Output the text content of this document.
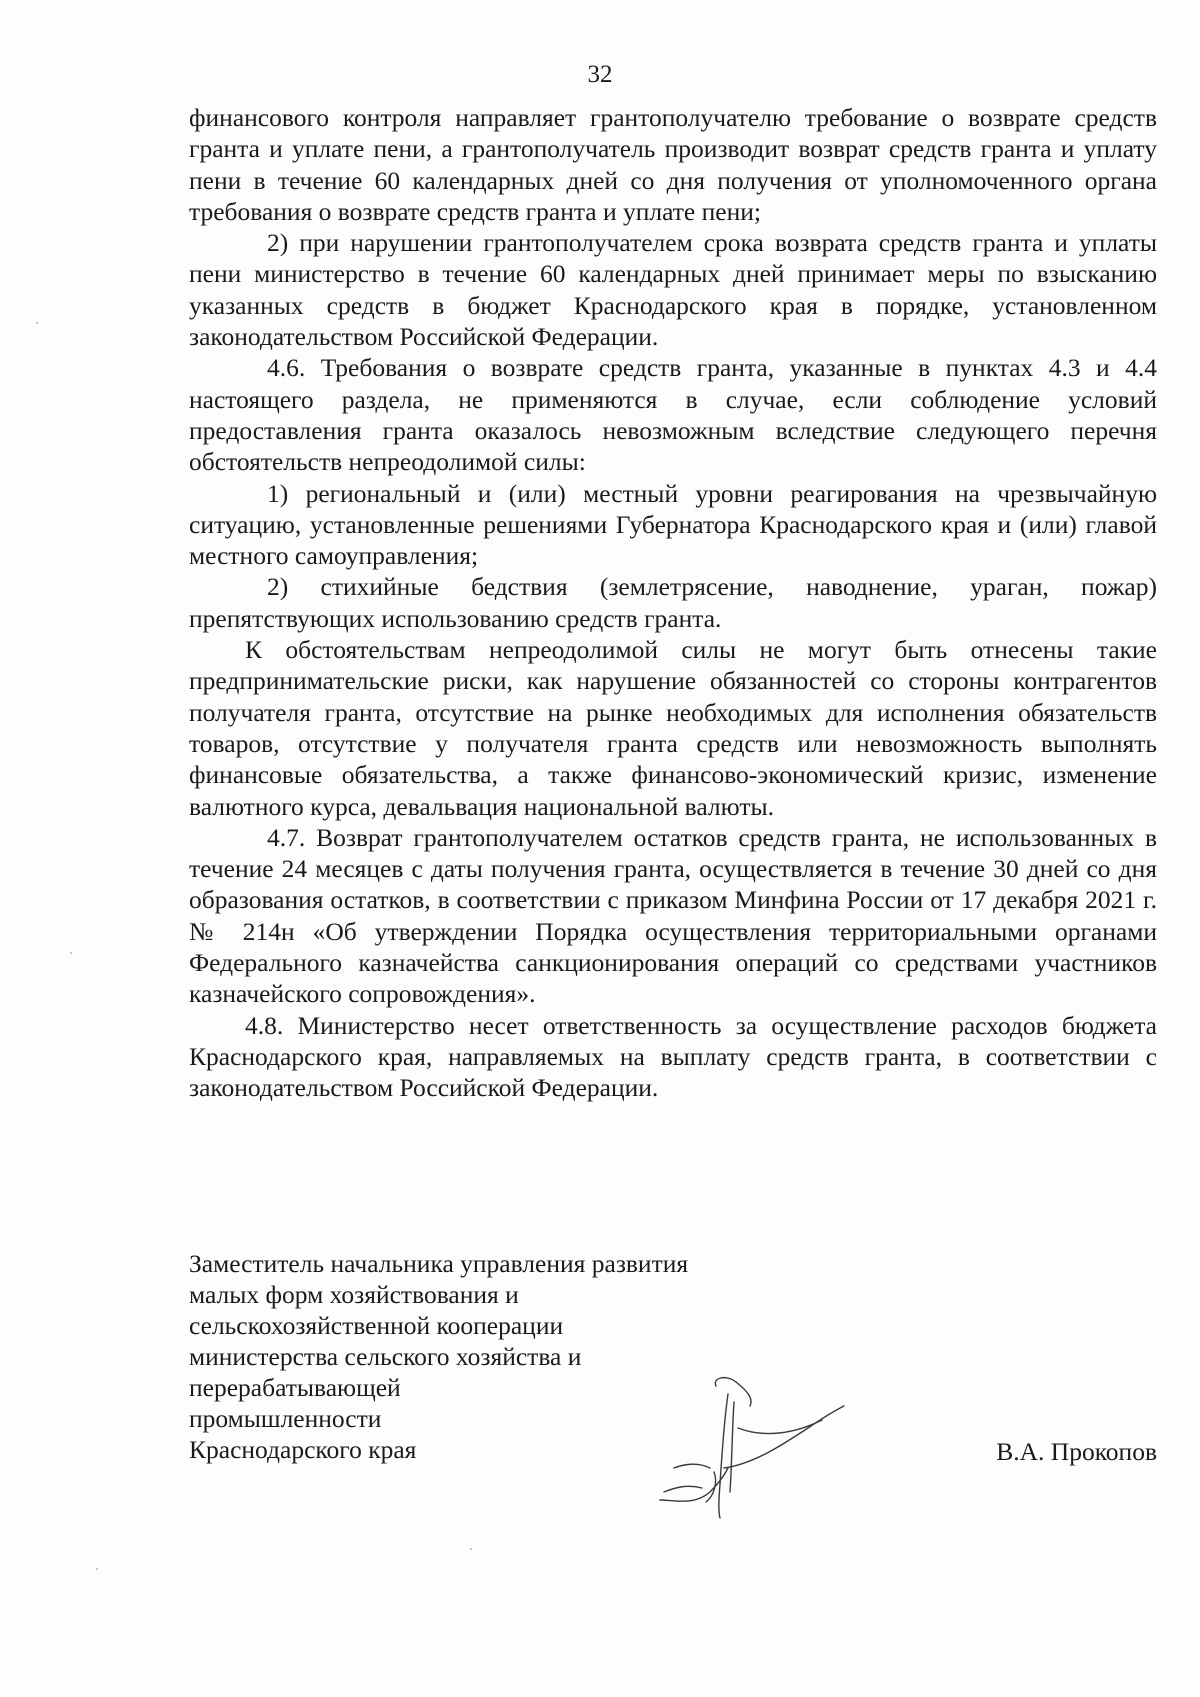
32

финансового контроля направляет грантополучателю требование о возврате средств гранта и уплате пени, а грантополучатель производит возврат средств гранта и уплату пени в течение 60 календарных дней со дня получения от уполномоченного органа требования о возврате средств гранта и уплате пени;

2) при нарушении грантополучателем срока возврата средств гранта и уплаты пени министерство в течение 60 календарных дней принимает меры по взысканию указанных средств в бюджет Краснодарского края в порядке, установленном законодательством Российской Федерации.

4.6. Требования о возврате средств гранта, указанные в пунктах 4.3 и 4.4 настоящего раздела, не применяются в случае, если соблюдение условий предоставления гранта оказалось невозможным вследствие следующего перечня обстоятельств непреодолимой силы:

1) региональный и (или) местный уровни реагирования на чрезвычайную ситуацию, установленные решениями Губернатора Краснодарского края и (или) главой местного самоуправления;

2) стихийные бедствия (землетрясение, наводнение, ураган, пожар) препятствующих использованию средств гранта.

К обстоятельствам непреодолимой силы не могут быть отнесены такие предпринимательские риски, как нарушение обязанностей со стороны контрагентов получателя гранта, отсутствие на рынке необходимых для исполнения обязательств товаров, отсутствие у получателя гранта средств или невозможность выполнять финансовые обязательства, а также финансово-экономический кризис, изменение валютного курса, девальвация национальной валюты.

4.7. Возврат грантополучателем остатков средств гранта, не использованных в течение 24 месяцев с даты получения гранта, осуществляется в течение 30 дней со дня образования остатков, в соответствии с приказом Минфина России от 17 декабря 2021 г. № 214н «Об утверждении Порядка осуществления территориальными органами Федерального казначейства санкционирования операций со средствами участников казначейского сопровождения».

4.8. Министерство несет ответственность за осуществление расходов бюджета Краснодарского края, направляемых на выплату средств гранта, в соответствии с законодательством Российской Федерации.

Заместитель начальника управления развития
малых форм хозяйствования и
сельскохозяйственной кооперации
министерства сельского хозяйства и
перерабатывающей
промышленности
Краснодарского края	В.А. Прокопов
